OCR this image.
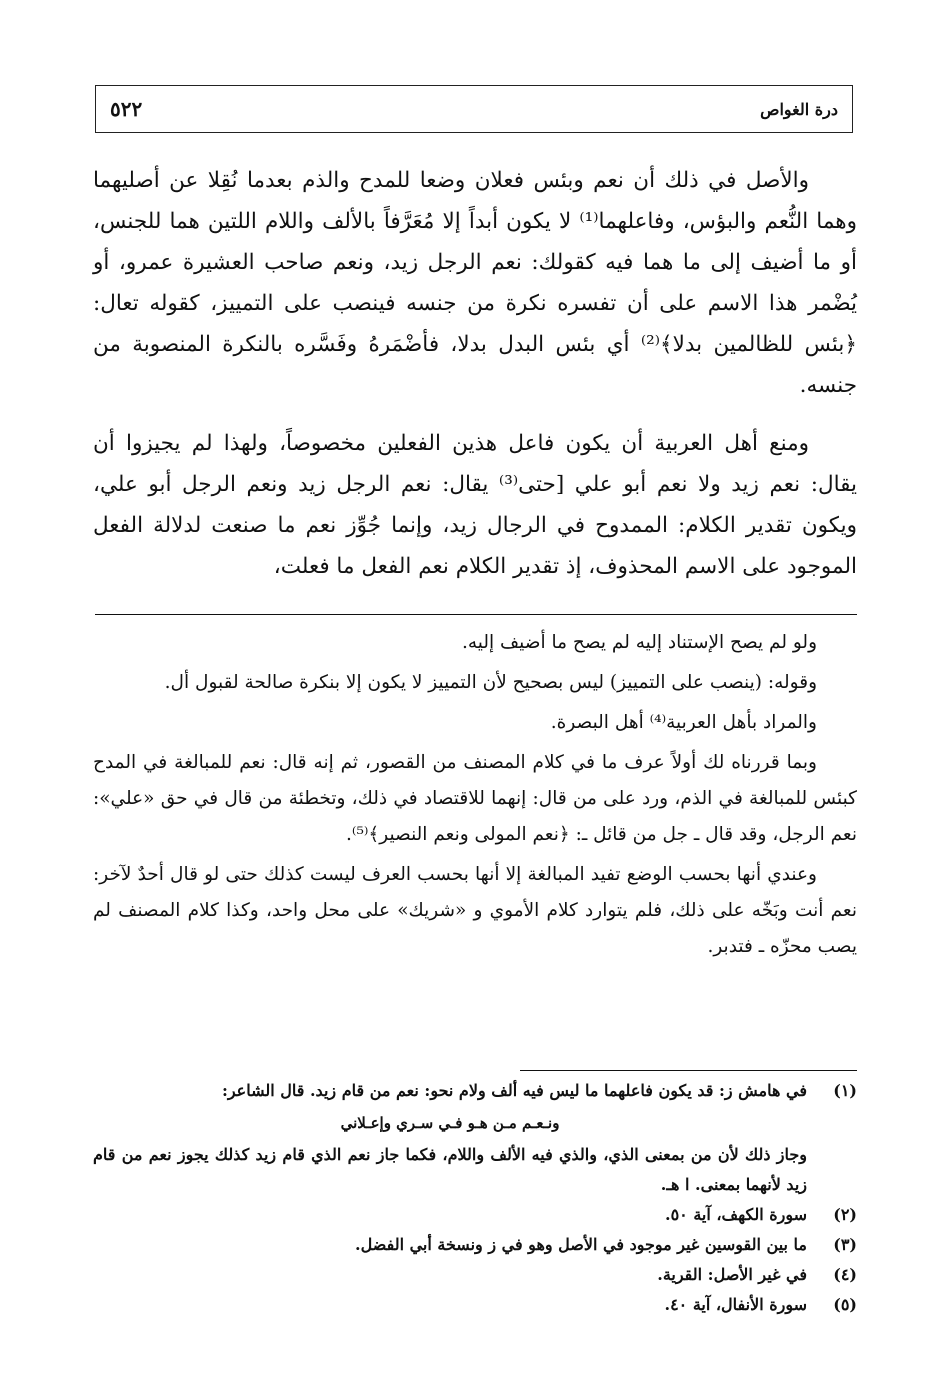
٥٢٢	درة الغواص

والأصل في ذلك أن نعم وبئس فعلان وضعا للمدح والذم بعدما نُقِلا عن أصليهما وهما النُّعم والبؤس، وفاعلهما⁽¹⁾ لا يكون أبداً إلا مُعَرَّفاً بالألف واللام اللتين هما للجنس، أو ما أضيف إلى ما هما فيه كقولك: نعم الرجل زيد، ونعم صاحب العشيرة عمرو، أو يُضْمر هذا الاسم على أن تفسره نكرة من جنسه فينصب على التمييز، كقوله تعال: ﴿بئس للظالمين بدلا﴾⁽²⁾ أي بئس البدل بدلا، فأضْمَرهُ وفَسَّره بالنكرة المنصوبة من جنسه.

ومنع أهل العربية أن يكون فاعل هذين الفعلين مخصوصاً، ولهذا لم يجيزوا أن يقال: نعم زيد ولا نعم أبو علي [حتى⁽³⁾ يقال: نعم الرجل زيد ونعم الرجل أبو علي، ويكون تقدير الكلام: الممدوح في الرجال زيد، وإنما جُوِّز نعم ما صنعت لدلالة الفعل الموجود على الاسم المحذوف، إذ تقدير الكلام نعم الفعل ما فعلت،

ولو لم يصح الإستناد إليه لم يصح ما أضيف إليه.

وقوله: (ينصب على التمييز) ليس بصحيح لأن التمييز لا يكون إلا بنكرة صالحة لقبول أل.

والمراد بأهل العربية⁽⁴⁾ أهل البصرة.

وبما قررناه لك أولاً عرف ما في كلام المصنف من القصور، ثم إنه قال: نعم للمبالغة في المدح كبئس للمبالغة في الذم، ورد على من قال: إنهما للاقتصاد في ذلك، وتخطئة من قال في حق «علي»: نعم الرجل، وقد قال ـ جل من قائل ـ: ﴿نعم المولى ونعم النصير﴾⁽⁵⁾.

وعندي أنها بحسب الوضع تفيد المبالغة إلا أنها بحسب العرف ليست كذلك حتى لو قال أحدٌ لآخر: نعم أنت وبَخّه على ذلك، فلم يتوارد كلام الأموي و «شريك» على محل واحد، وكذا كلام المصنف لم يصب محزّه ـ فتدبر.

(١)
في هامش ز: قد يكون فاعلهما ما ليس فيه ألف ولام نحو: نعم من قام زيد. قال الشاعر:
ونـعـم مـن هـو فـي سـري وإعـلاني
وجاز ذلك لأن من بمعنى الذي، والذي فيه الألف واللام، فكما جاز نعم الذي قام زيد كذلك يجوز نعم من قام زيد لأنهما بمعنى. ا هـ.
(٢)
سورة الكهف، آية ٥٠.
(٣)
ما بين القوسين غير موجود في الأصل وهو في ز ونسخة أبي الفضل.
(٤)
في غير الأصل: القرية.
(٥)
سورة الأنفال، آية ٤٠.
